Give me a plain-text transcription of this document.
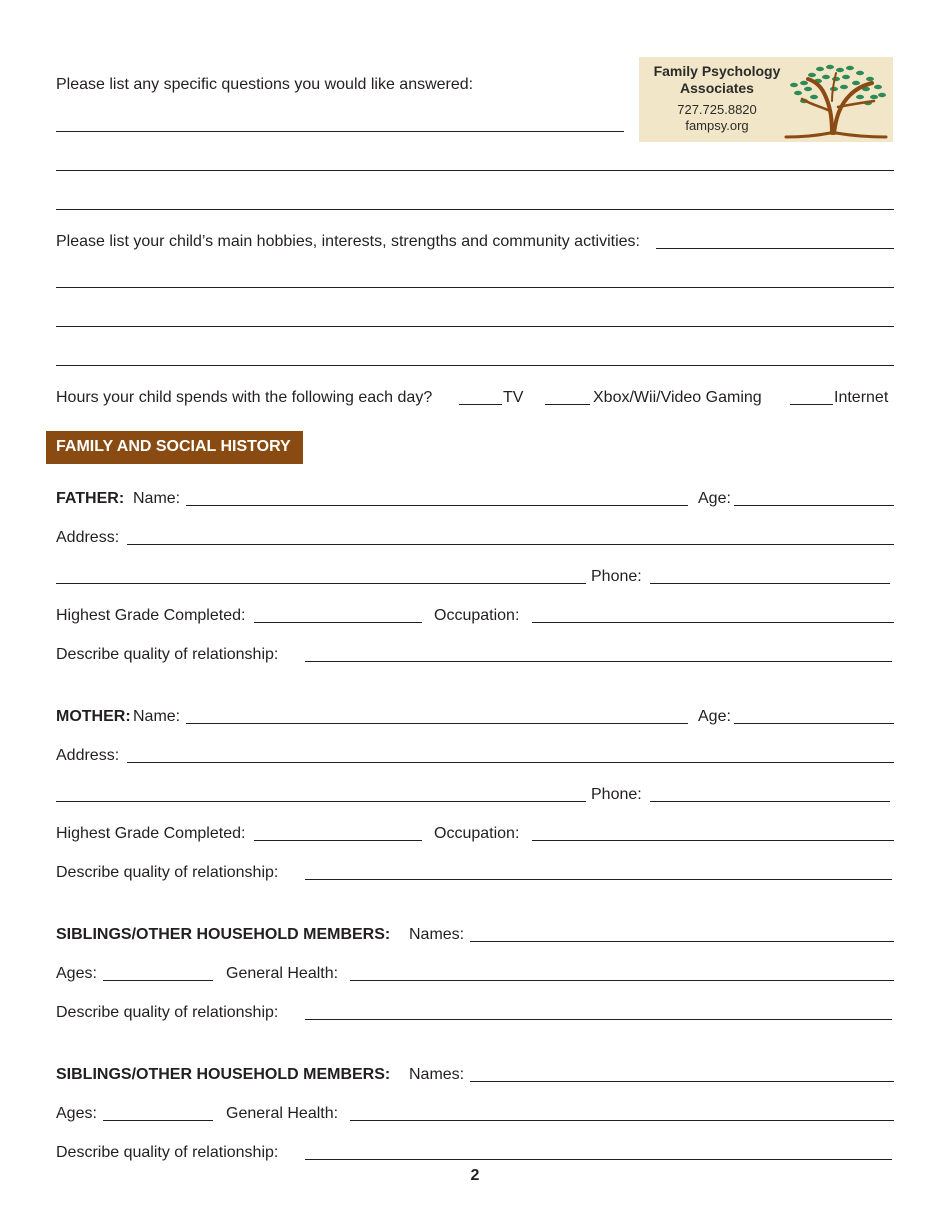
Family Psychology
Associates
727.725.8820
fampsy.org
Please list any specific questions you would like answered:
Please list your child’s main hobbies, interests, strengths and community activities:
Hours your child spends with the following each day?	TV	Xbox/Wii/Video Gaming	Internet
FAMILY AND SOCIAL HISTORY
FATHER: Name:	Age:
Address:
Phone:
Highest Grade Completed:	Occupation:
Describe quality of relationship:
MOTHER: Name:	Age:
Address:
Phone:
Highest Grade Completed:	Occupation:
Describe quality of relationship:
SIBLINGS/OTHER HOUSEHOLD MEMBERS: Names:
Ages:	General Health:
Describe quality of relationship:
SIBLINGS/OTHER HOUSEHOLD MEMBERS: Names:
Ages:	General Health:
Describe quality of relationship:
2
